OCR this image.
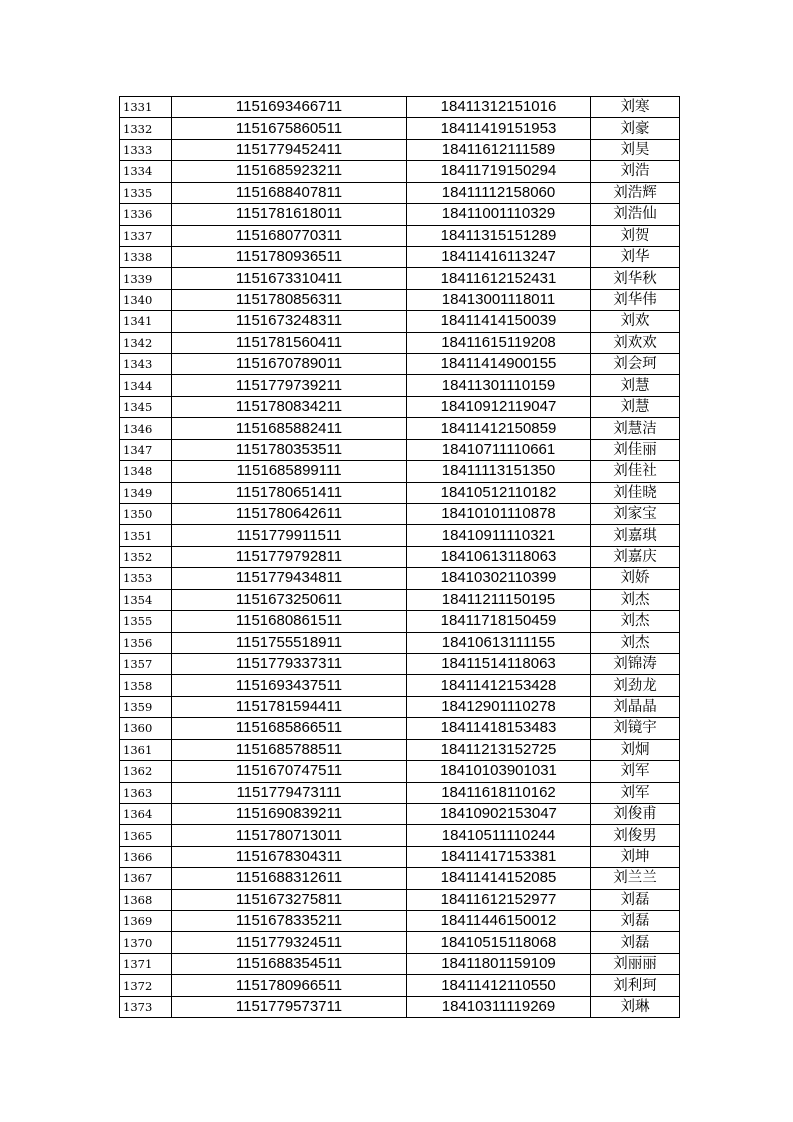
1331	1151693466711	18411312151016	刘寒
1332	1151675860511	18411419151953	刘豪
1333	1151779452411	18411612111589	刘昊
1334	1151685923211	18411719150294	刘浩
1335	1151688407811	18411112158060	刘浩辉
1336	1151781618011	18411001110329	刘浩仙
1337	1151680770311	18411315151289	刘贺
1338	1151780936511	18411416113247	刘华
1339	1151673310411	18411612152431	刘华秋
1340	1151780856311	18413001118011	刘华伟
1341	1151673248311	18411414150039	刘欢
1342	1151781560411	18411615119208	刘欢欢
1343	1151670789011	18411414900155	刘会珂
1344	1151779739211	18411301110159	刘慧
1345	1151780834211	18410912119047	刘慧
1346	1151685882411	18411412150859	刘慧洁
1347	1151780353511	18410711110661	刘佳丽
1348	1151685899111	18411113151350	刘佳社
1349	1151780651411	18410512110182	刘佳晓
1350	1151780642611	18410101110878	刘家宝
1351	1151779911511	18410911110321	刘嘉琪
1352	1151779792811	18410613118063	刘嘉庆
1353	1151779434811	18410302110399	刘娇
1354	1151673250611	18411211150195	刘杰
1355	1151680861511	18411718150459	刘杰
1356	1151755518911	18410613111155	刘杰
1357	1151779337311	18411514118063	刘锦涛
1358	1151693437511	18411412153428	刘劲龙
1359	1151781594411	18412901110278	刘晶晶
1360	1151685866511	18411418153483	刘镜宇
1361	1151685788511	18411213152725	刘炯
1362	1151670747511	18410103901031	刘军
1363	1151779473111	18411618110162	刘军
1364	1151690839211	18410902153047	刘俊甫
1365	1151780713011	18410511110244	刘俊男
1366	1151678304311	18411417153381	刘坤
1367	1151688312611	18411414152085	刘兰兰
1368	1151673275811	18411612152977	刘磊
1369	1151678335211	18411446150012	刘磊
1370	1151779324511	18410515118068	刘磊
1371	1151688354511	18411801159109	刘丽丽
1372	1151780966511	18411412110550	刘利珂
1373	1151779573711	18410311119269	刘琳
